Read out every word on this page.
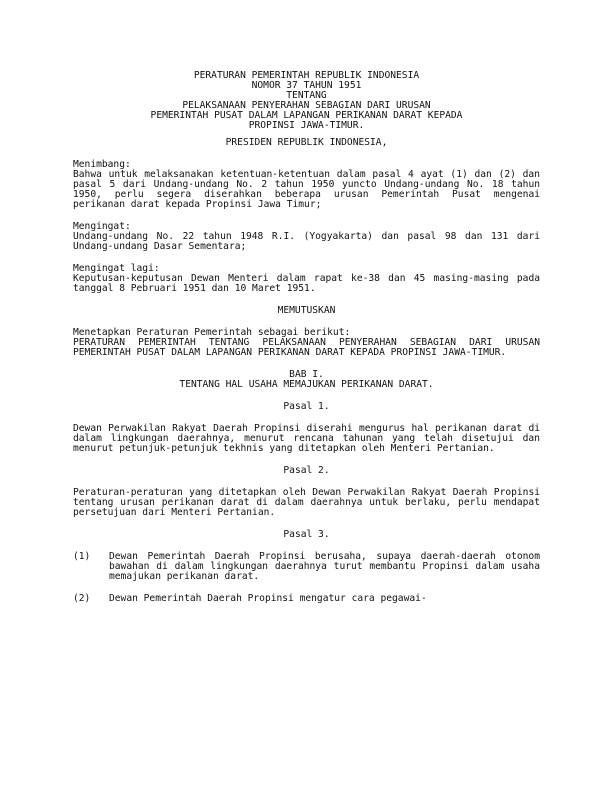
PERATURAN PEMERINTAH REPUBLIK INDONESIA
NOMOR 37 TAHUN 1951
TENTANG
PELAKSANAAN PENYERAHAN SEBAGIAN DARI URUSAN
PEMERINTAH PUSAT DALAM LAPANGAN PERIKANAN DARAT KEPADA
PROPINSI JAWA-TIMUR.
PRESIDEN REPUBLIK INDONESIA,
Menimbang:
Bahwa untuk melaksanakan ketentuan-ketentuan dalam pasal 4 ayat (1) dan (2) dan pasal 5 dari Undang-undang No. 2 tahun 1950 yuncto Undang-undang No. 18 tahun 1950, perlu segera diserahkan beberapa urusan Pemerintah Pusat mengenai perikanan darat kepada Propinsi Jawa Timur;
Mengingat:
Undang-undang No. 22 tahun 1948 R.I. (Yogyakarta) dan pasal 98 dan 131 dari Undang-undang Dasar Sementara;
Mengingat lagi:
Keputusan-keputusan Dewan Menteri dalam rapat ke-38 dan 45 masing-masing pada tanggal 8 Pebruari 1951 dan 10 Maret 1951.
MEMUTUSKAN
Menetapkan Peraturan Pemerintah sebagai berikut:
PERATURAN PEMERINTAH TENTANG PELAKSANAAN PENYERAHAN SEBAGIAN DARI URUSAN PEMERINTAH PUSAT DALAM LAPANGAN PERIKANAN DARAT KEPADA PROPINSI JAWA-TIMUR.
BAB I.
TENTANG HAL USAHA MEMAJUKAN PERIKANAN DARAT.
Pasal 1.
Dewan Perwakilan Rakyat Daerah Propinsi diserahi mengurus hal perikanan darat di dalam lingkungan daerahnya, menurut rencana tahunan yang telah disetujui dan menurut petunjuk-petunjuk tekhnis yang ditetapkan oleh Menteri Pertanian.
Pasal 2.
Peraturan-peraturan yang ditetapkan oleh Dewan Perwakilan Rakyat Daerah Propinsi tentang urusan perikanan darat di dalam daerahnya untuk berlaku, perlu mendapat persetujuan dari Menteri Pertanian.
Pasal 3.
(1)	Dewan Pemerintah Daerah Propinsi berusaha, supaya daerah-daerah otonom bawahan di dalam lingkungan daerahnya turut membantu Propinsi dalam usaha memajukan perikanan darat.
(2)	Dewan Pemerintah Daerah Propinsi mengatur cara pegawai-
